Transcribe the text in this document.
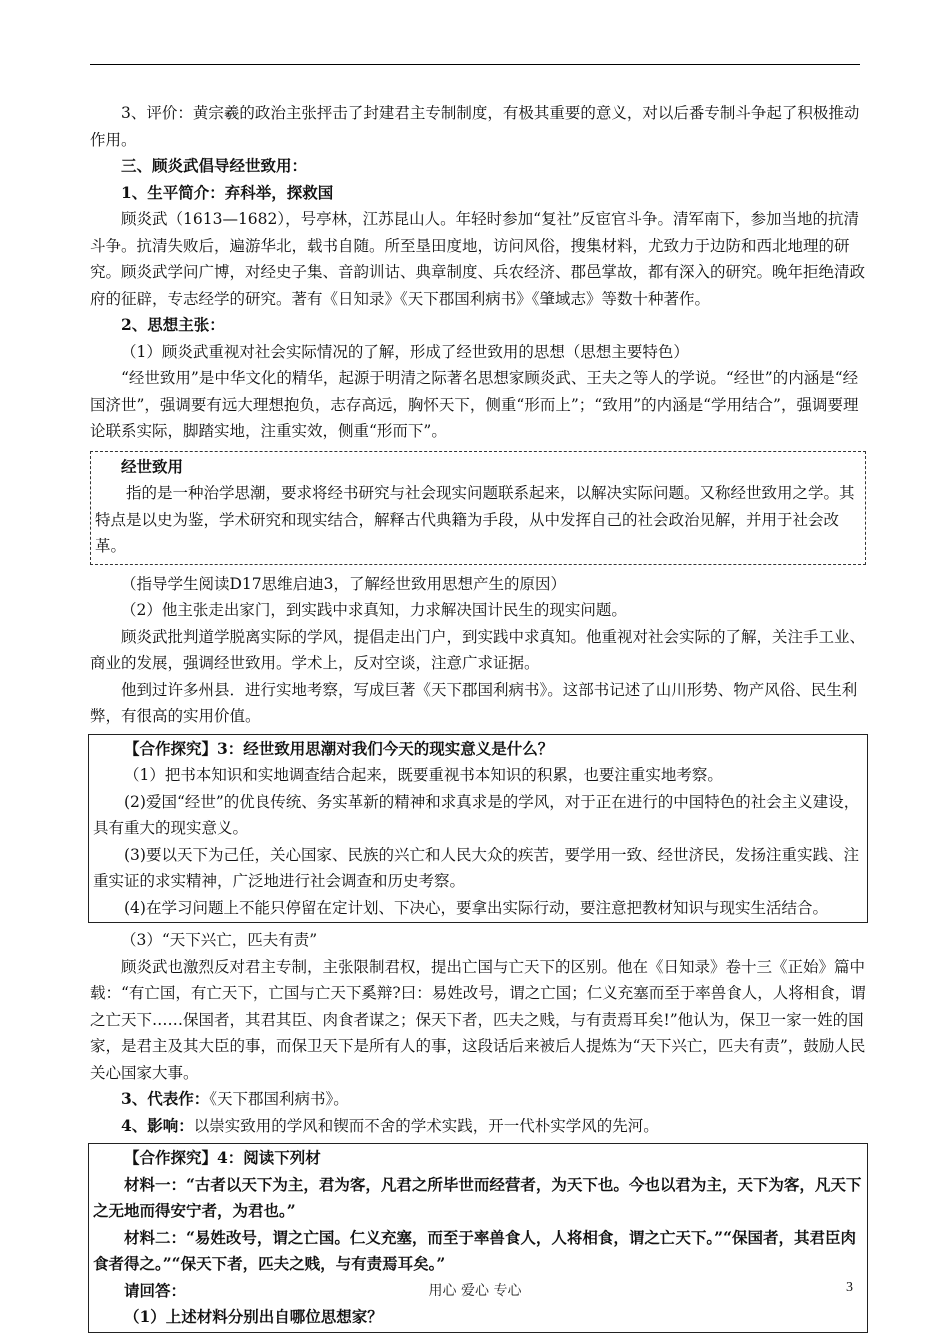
3、评价：黄宗羲的政治主张抨击了封建君主专制制度，有极其重要的意义，对以后番专制斗争起了积极推动作用。

三、顾炎武倡导经世致用：

1、生平简介：弃科举，探救国

顾炎武（1613—1682），号亭林，江苏昆山人。年轻时参加“复社”反宦官斗争。清军南下，参加当地的抗清斗争。抗清失败后，遍游华北，载书自随。所至垦田度地，访问风俗，搜集材料，尤致力于边防和西北地理的研究。顾炎武学问广博，对经史子集、音韵训诂、典章制度、兵农经济、郡邑掌故，都有深入的研究。晚年拒绝清政府的征辟，专志经学的研究。著有《日知录》《天下郡国利病书》《肇域志》等数十种著作。

2、思想主张：

（1）顾炎武重视对社会实际情况的了解，形成了经世致用的思想（思想主要特色）

“经世致用”是中华文化的精华，起源于明清之际著名思想家顾炎武、王夫之等人的学说。“经世”的内涵是“经国济世”，强调要有远大理想抱负，志存高远，胸怀天下，侧重“形而上”；“致用”的内涵是“学用结合”，强调要理论联系实际，脚踏实地，注重实效，侧重“形而下”。

经世致用

指的是一种治学思潮，要求将经书研究与社会现实问题联系起来，以解决实际问题。又称经世致用之学。其特点是以史为鉴，学术研究和现实结合，解释古代典籍为手段，从中发挥自己的社会政治见解，并用于社会改革。

（指导学生阅读D17思维启迪3，了解经世致用思想产生的原因）

（2）他主张走出家门，到实践中求真知，力求解决国计民生的现实问题。

顾炎武批判道学脱离实际的学风，提倡走出门户，到实践中求真知。他重视对社会实际的了解，关注手工业、商业的发展，强调经世致用。学术上，反对空谈，注意广求证据。

他到过许多州县．进行实地考察，写成巨著《天下郡国利病书》。这部书记述了山川形势、物产风俗、民生利弊，有很高的实用价值。

【合作探究】3：经世致用思潮对我们今天的现实意义是什么？

（1）把书本知识和实地调查结合起来，既要重视书本知识的积累，也要注重实地考察。

(2)爱国“经世”的优良传统、务实革新的精神和求真求是的学风，对于正在进行的中国特色的社会主义建设，具有重大的现实意义。

(3)要以天下为己任，关心国家、民族的兴亡和人民大众的疾苦，要学用一致、经世济民，发扬注重实践、注重实证的求实精神，广泛地进行社会调查和历史考察。

(4)在学习问题上不能只停留在定计划、下决心，要拿出实际行动，要注意把教材知识与现实生活结合。

（3）“天下兴亡，匹夫有责”

顾炎武也激烈反对君主专制，主张限制君权，提出亡国与亡天下的区别。他在《日知录》卷十三《正始》篇中载：“有亡国，有亡天下，亡国与亡天下奚辩?曰：易姓改号，谓之亡国；仁义充塞而至于率兽食人，人将相食，谓之亡天下……保国者，其君其臣、肉食者谋之；保天下者，匹夫之贱，与有责焉耳矣!”他认为，保卫一家一姓的国家，是君主及其大臣的事，而保卫天下是所有人的事，这段话后来被后人提炼为“天下兴亡，匹夫有责”，鼓励人民关心国家大事。

3、代表作：《天下郡国利病书》。

4、影响：以崇实致用的学风和锲而不舍的学术实践，开一代朴实学风的先河。

【合作探究】4：阅读下列材

材料一：“古者以天下为主，君为客，凡君之所毕世而经营者，为天下也。今也以君为主，天下为客，凡天下之无地而得安宁者，为君也。”

材料二：“易姓改号，谓之亡国。仁义充塞，而至于率兽食人，人将相食，谓之亡天下。”“保国者，其君臣肉食者得之。”“保天下者，匹夫之贱，与有责焉耳矣。”

请回答：

（1）上述材料分别出自哪位思想家？

用心 爱心 专心	3
